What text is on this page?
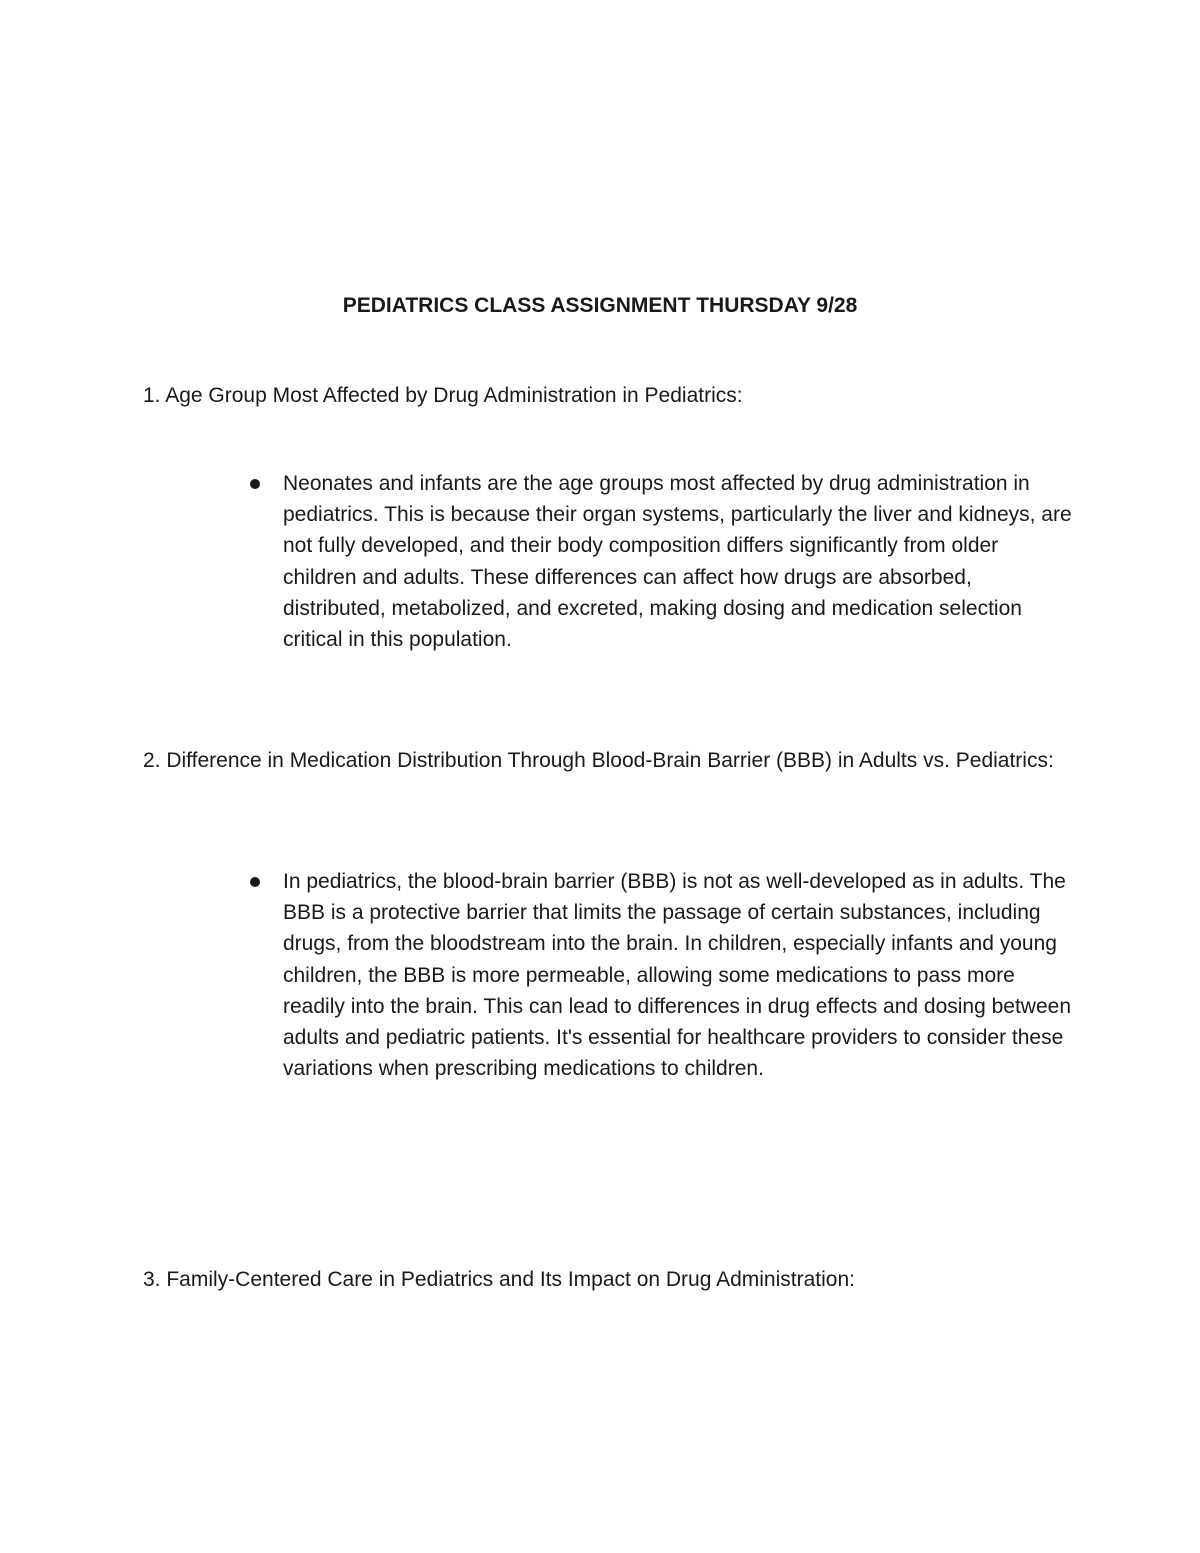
PEDIATRICS CLASS ASSIGNMENT THURSDAY 9/28

1. Age Group Most Affected by Drug Administration in Pediatrics:

Neonates and infants are the age groups most affected by drug administration in pediatrics. This is because their organ systems, particularly the liver and kidneys, are not fully developed, and their body composition differs significantly from older children and adults. These differences can affect how drugs are absorbed, distributed, metabolized, and excreted, making dosing and medication selection critical in this population.

2. Difference in Medication Distribution Through Blood-Brain Barrier (BBB) in Adults vs. Pediatrics:

In pediatrics, the blood-brain barrier (BBB) is not as well-developed as in adults. The BBB is a protective barrier that limits the passage of certain substances, including drugs, from the bloodstream into the brain. In children, especially infants and young children, the BBB is more permeable, allowing some medications to pass more readily into the brain. This can lead to differences in drug effects and dosing between adults and pediatric patients. It's essential for healthcare providers to consider these variations when prescribing medications to children.

3. Family-Centered Care in Pediatrics and Its Impact on Drug Administration:
